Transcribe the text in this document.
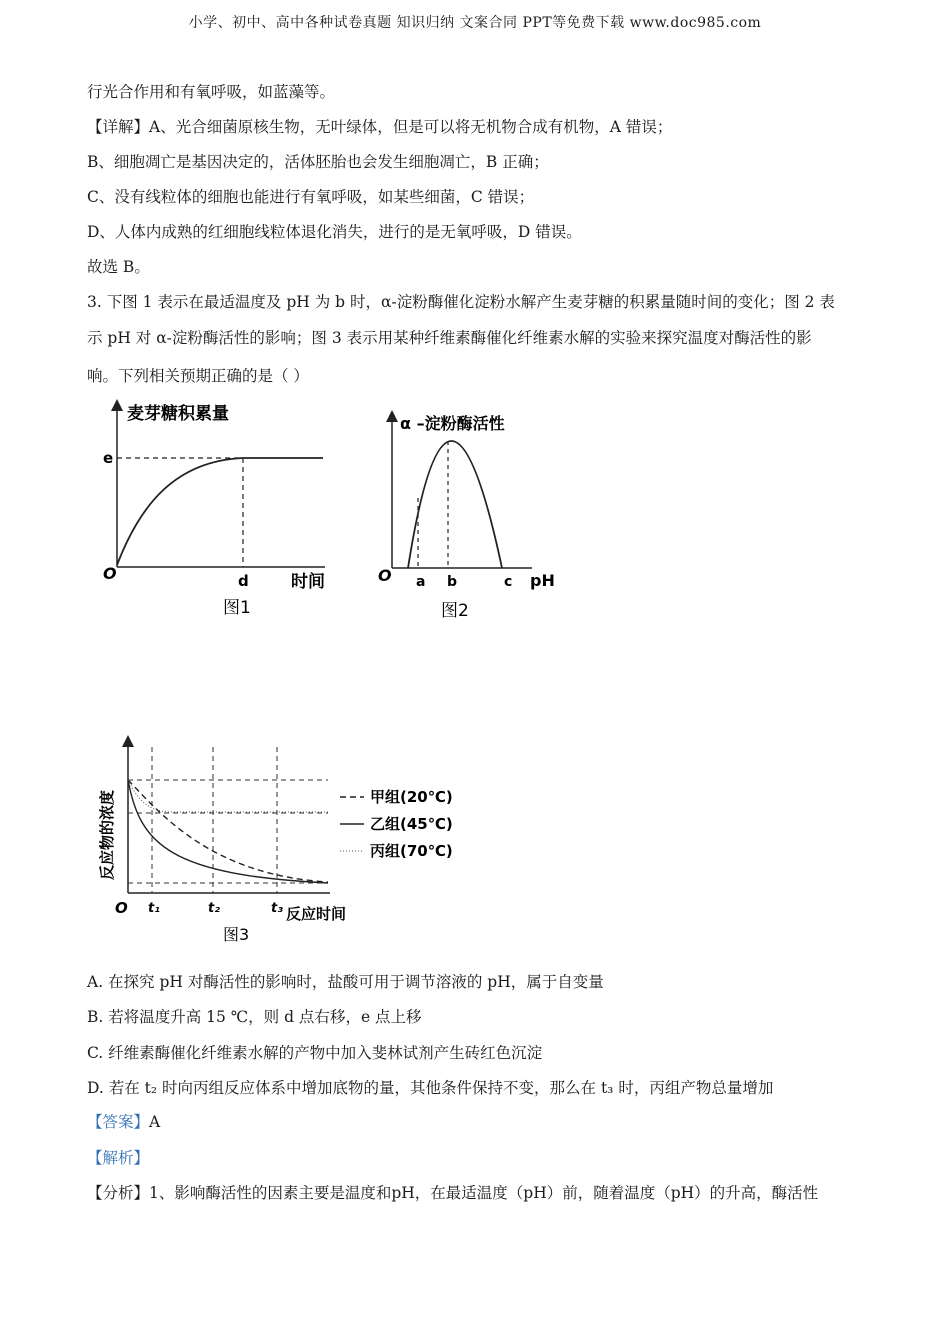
小学、初中、高中各种试卷真题 知识归纳 文案合同 PPT等免费下载 www.doc985.com
行光合作用和有氧呼吸，如蓝藻等。
【详解】A、光合细菌原核生物，无叶绿体，但是可以将无机物合成有机物，A 错误；
B、细胞凋亡是基因决定的，活体胚胎也会发生细胞凋亡，B 正确；
C、没有线粒体的细胞也能进行有氧呼吸，如某些细菌，C 错误；
D、人体内成熟的红细胞线粒体退化消失，进行的是无氧呼吸，D 错误。
故选 B。
3. 下图 1 表示在最适温度及 pH 为 b 时，α-淀粉酶催化淀粉水解产生麦芽糖的积累量随时间的变化；图 2 表
示 pH 对 α-淀粉酶活性的影响；图 3 表示用某种纤维素酶催化纤维素水解的实验来探究温度对酶活性的影
响。下列相关预期正确的是（ ）
麦芽糖积累量
e
O	d 时间
图1
α –淀粉酶活性
O a b	c pH
图2
反应物的浓度
O t₁	t₂	t₃ 反应时间
甲组(20℃)
乙组(45℃)
丙组(70℃)
图3
A. 在探究 pH 对酶活性的影响时，盐酸可用于调节溶液的 pH，属于自变量
B. 若将温度升高 15 ℃，则 d 点右移，e 点上移
C. 纤维素酶催化纤维素水解的产物中加入斐林试剂产生砖红色沉淀
D. 若在 t₂ 时向丙组反应体系中增加底物的量，其他条件保持不变，那么在 t₃ 时，丙组产物总量增加
【答案】A
【解析】
【分析】1、影响酶活性的因素主要是温度和pH，在最适温度（pH）前，随着温度（pH）的升高，酶活性
